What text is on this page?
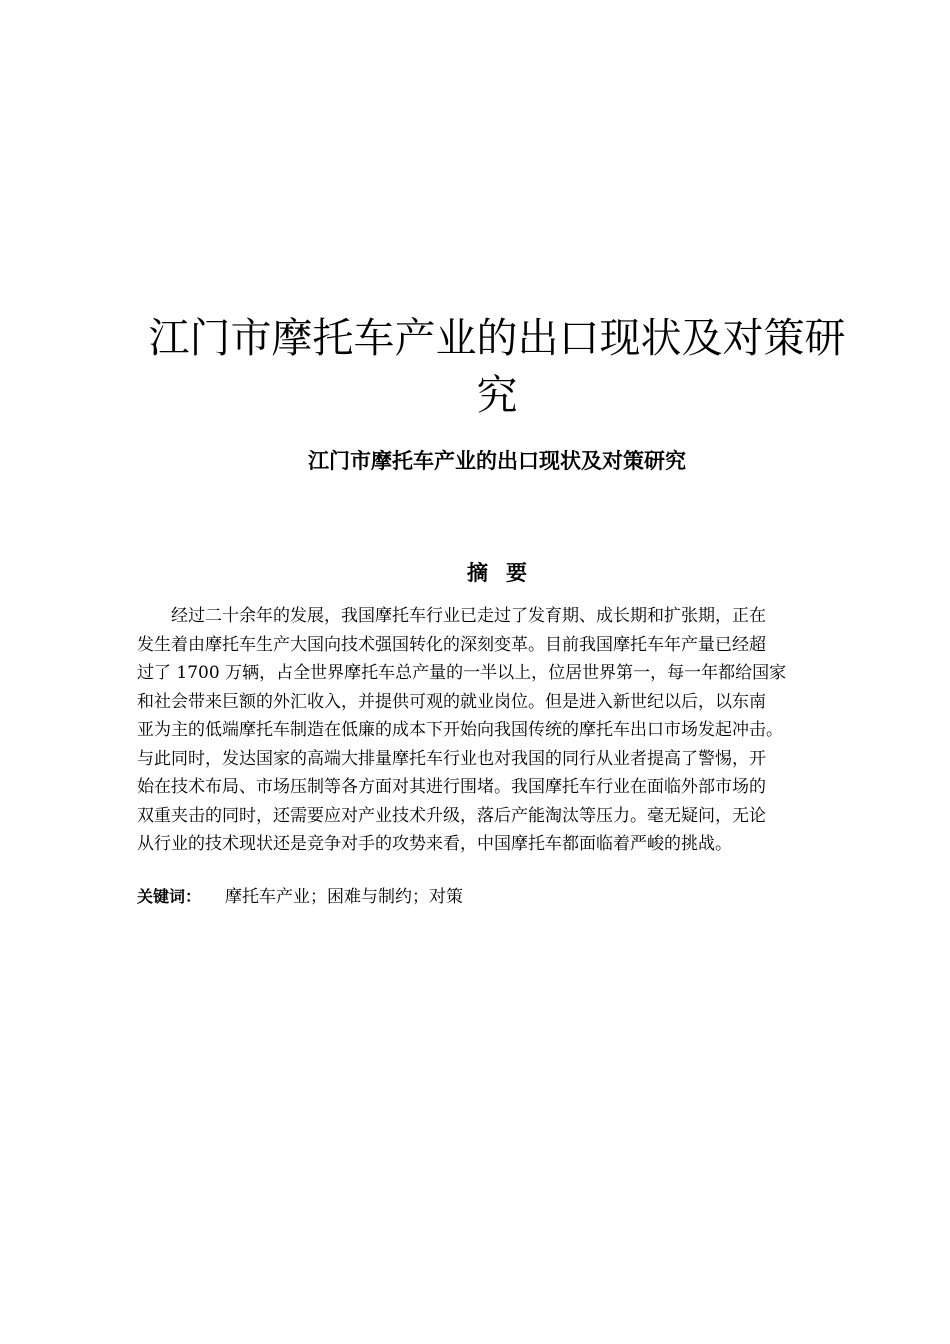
江门市摩托车产业的出口现状及对策研
究
江门市摩托车产业的出口现状及对策研究
摘要
　　经过二十余年的发展，我国摩托车行业已走过了发育期、成长期和扩张期，正在
发生着由摩托车生产大国向技术强国转化的深刻变革。目前我国摩托车年产量已经超
过了 1700 万辆，占全世界摩托车总产量的一半以上，位居世界第一，每一年都给国家
和社会带来巨额的外汇收入，并提供可观的就业岗位。但是进入新世纪以后，以东南
亚为主的低端摩托车制造在低廉的成本下开始向我国传统的摩托车出口市场发起冲击。
与此同时，发达国家的高端大排量摩托车行业也对我国的同行从业者提高了警惕，开
始在技术布局、市场压制等各方面对其进行围堵。我国摩托车行业在面临外部市场的
双重夹击的同时，还需要应对产业技术升级，落后产能淘汰等压力。毫无疑问，无论
从行业的技术现状还是竞争对手的攻势来看，中国摩托车都面临着严峻的挑战。

关键词： 摩托车产业；困难与制约；对策
